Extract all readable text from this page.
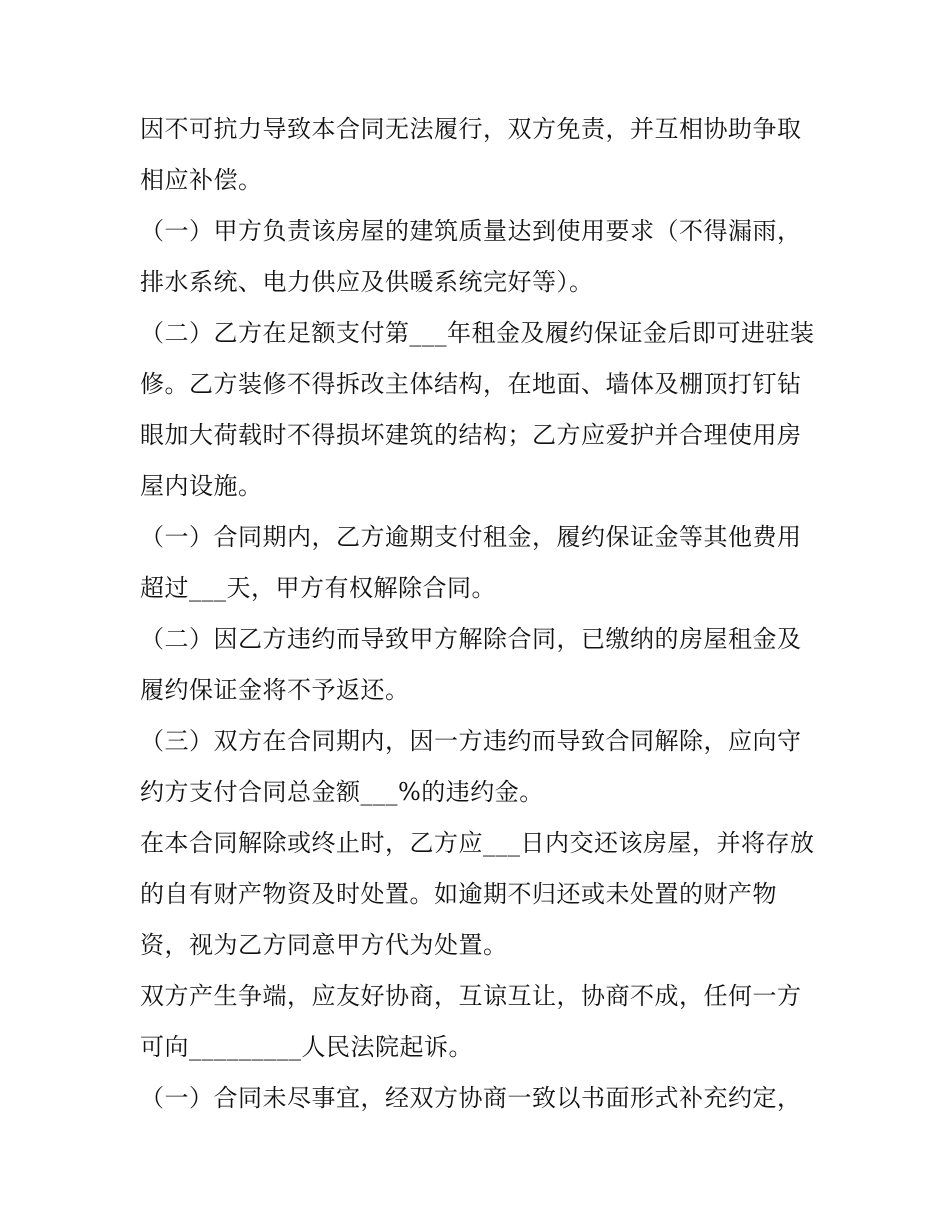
因不可抗力导致本合同无法履行，双方免责，并互相协助争取相应补偿。

（一）甲方负责该房屋的建筑质量达到使用要求（不得漏雨，排水系统、电力供应及供暖系统完好等）。

（二）乙方在足额支付第___年租金及履约保证金后即可进驻装修。乙方装修不得拆改主体结构，在地面、墙体及棚顶打钉钻眼加大荷载时不得损坏建筑的结构；乙方应爱护并合理使用房屋内设施。

（一）合同期内，乙方逾期支付租金，履约保证金等其他费用超过___天，甲方有权解除合同。

（二）因乙方违约而导致甲方解除合同，已缴纳的房屋租金及履约保证金将不予返还。

（三）双方在合同期内，因一方违约而导致合同解除，应向守约方支付合同总金额___%的违约金。

在本合同解除或终止时，乙方应___日内交还该房屋，并将存放的自有财产物资及时处置。如逾期不归还或未处置的财产物资，视为乙方同意甲方代为处置。

双方产生争端，应友好协商，互谅互让，协商不成，任何一方可向_________人民法院起诉。

（一）合同未尽事宜，经双方协商一致以书面形式补充约定，
